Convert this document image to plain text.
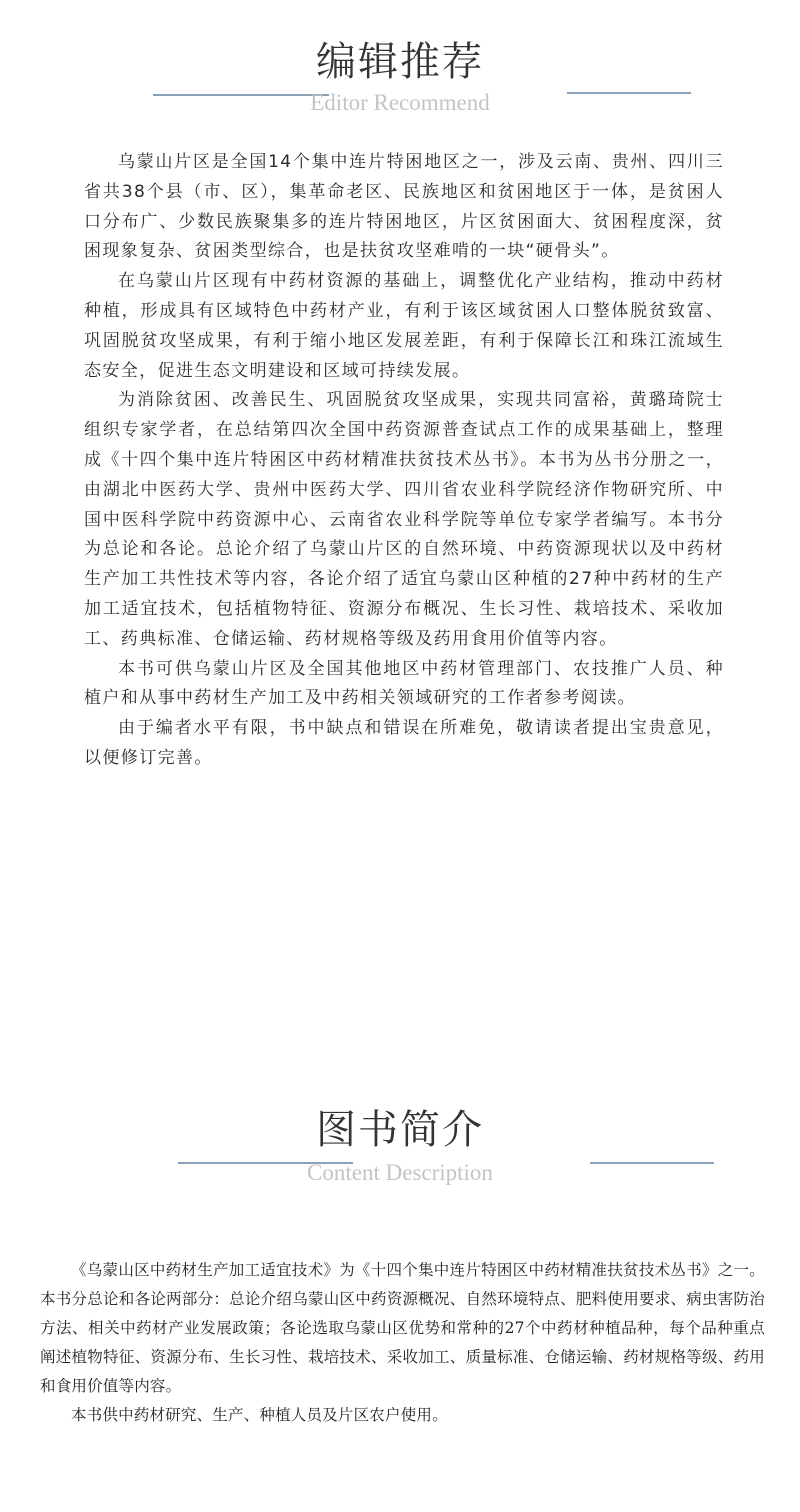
编辑推荐
Editor Recommend

乌蒙山片区是全国14个集中连片特困地区之一，涉及云南、贵州、四川三省共38个县（市、区），集革命老区、民族地区和贫困地区于一体，是贫困人口分布广、少数民族聚集多的连片特困地区，片区贫困面大、贫困程度深，贫困现象复杂、贫困类型综合，也是扶贫攻坚难啃的一块“硬骨头”。

在乌蒙山片区现有中药材资源的基础上，调整优化产业结构，推动中药材种植，形成具有区域特色中药材产业，有利于该区域贫困人口整体脱贫致富、巩固脱贫攻坚成果，有利于缩小地区发展差距，有利于保障长江和珠江流域生态安全，促进生态文明建设和区域可持续发展。

为消除贫困、改善民生、巩固脱贫攻坚成果，实现共同富裕，黄璐琦院士组织专家学者，在总结第四次全国中药资源普查试点工作的成果基础上，整理成《十四个集中连片特困区中药材精准扶贫技术丛书》。本书为丛书分册之一，由湖北中医药大学、贵州中医药大学、四川省农业科学院经济作物研究所、中国中医科学院中药资源中心、云南省农业科学院等单位专家学者编写。本书分为总论和各论。总论介绍了乌蒙山片区的自然环境、中药资源现状以及中药材生产加工共性技术等内容，各论介绍了适宜乌蒙山区种植的27种中药材的生产加工适宜技术，包括植物特征、资源分布概况、生长习性、栽培技术、采收加工、药典标准、仓储运输、药材规格等级及药用食用价值等内容。

本书可供乌蒙山片区及全国其他地区中药材管理部门、农技推广人员、种植户和从事中药材生产加工及中药相关领域研究的工作者参考阅读。

由于编者水平有限，书中缺点和错误在所难免，敬请读者提出宝贵意见，以便修订完善。

图书简介
Content Description

《乌蒙山区中药材生产加工适宜技术》为《十四个集中连片特困区中药材精准扶贫技术丛书》之一。本书分总论和各论两部分：总论介绍乌蒙山区中药资源概况、自然环境特点、肥料使用要求、病虫害防治方法、相关中药材产业发展政策；各论选取乌蒙山区优势和常种的27个中药材种植品种，每个品种重点阐述植物特征、资源分布、生长习性、栽培技术、采收加工、质量标准、仓储运输、药材规格等级、药用和食用价值等内容。

本书供中药材研究、生产、种植人员及片区农户使用。
